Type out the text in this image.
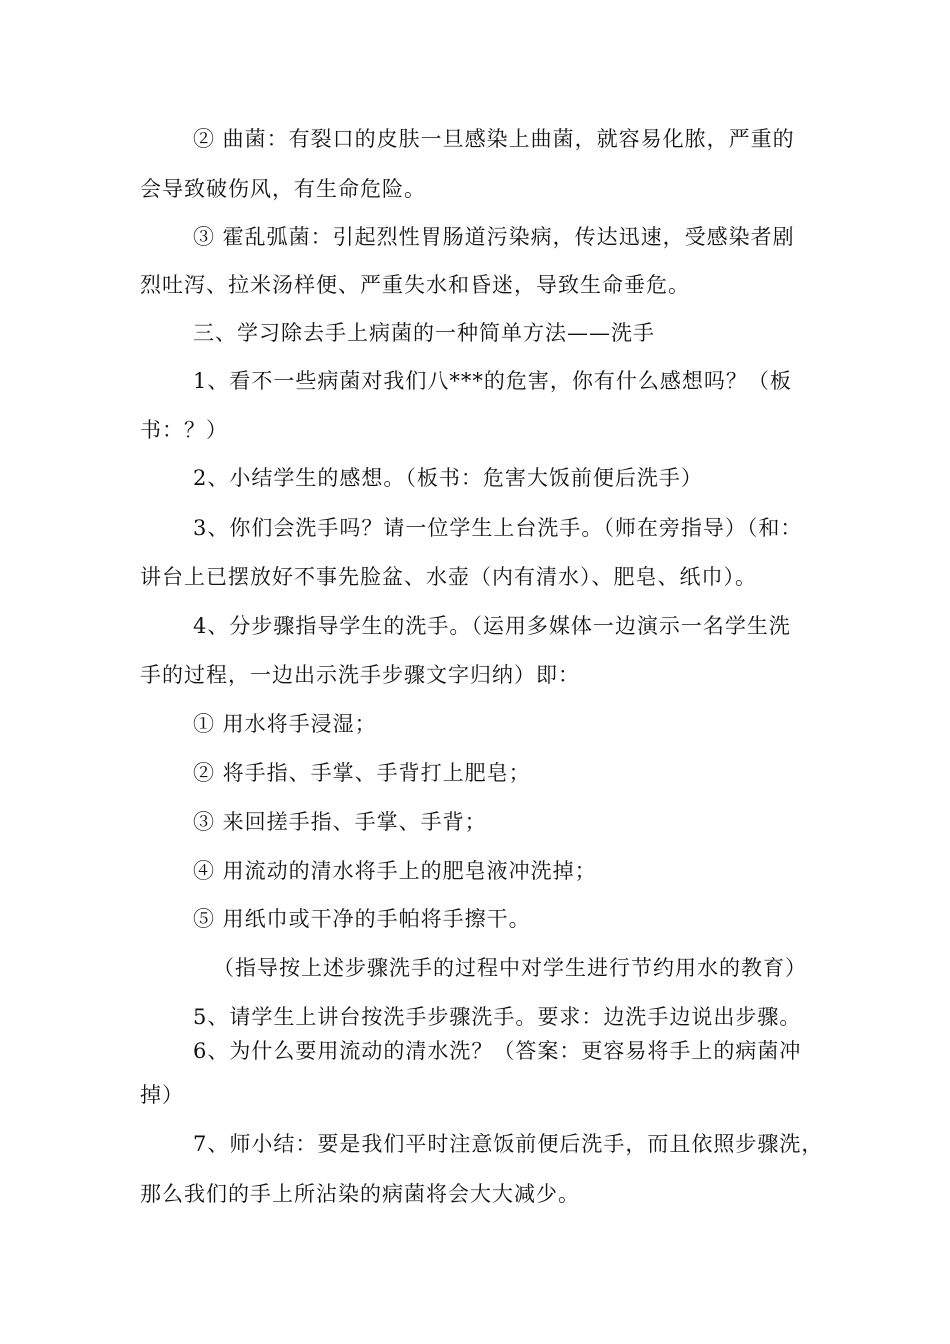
② 曲菌：有裂口的皮肤一旦感染上曲菌，就容易化脓，严重的
会导致破伤风，有生命危险。
③ 霍乱弧菌：引起烈性胃肠道污染病，传达迅速，受感染者剧
烈吐泻、拉米汤样便、严重失水和昏迷，导致生命垂危。
三、学习除去手上病菌的一种简单方法——洗手
1、看不一些病菌对我们八***的危害，你有什么感想吗？（板
书：？）
2、小结学生的感想。（板书：危害大饭前便后洗手）
3、你们会洗手吗？请一位学生上台洗手。（师在旁指导）（和：
讲台上已摆放好不事先脸盆、水壶（内有清水）、肥皂、纸巾）。
4、分步骤指导学生的洗手。（运用多媒体一边演示一名学生洗
手的过程，一边出示洗手步骤文字归纳）即：
① 用水将手浸湿；
② 将手指、手掌、手背打上肥皂；
③ 来回搓手指、手掌、手背；
④ 用流动的清水将手上的肥皂液冲洗掉；
⑤ 用纸巾或干净的手帕将手擦干。
（指导按上述步骤洗手的过程中对学生进行节约用水的教育）
5、请学生上讲台按洗手步骤洗手。要求：边洗手边说出步骤。
6、为什么要用流动的清水洗？（答案：更容易将手上的病菌冲
掉）
7、师小结：要是我们平时注意饭前便后洗手，而且依照步骤洗，
那么我们的手上所沾染的病菌将会大大减少。
